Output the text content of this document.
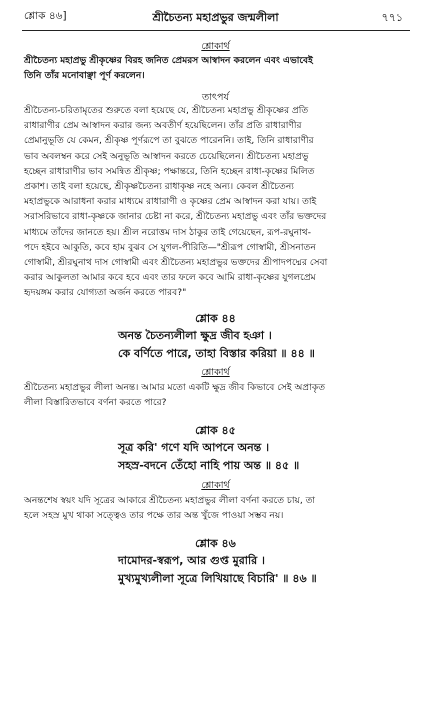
শ্লোক ৪৬]	শ্রীচৈতন্য মহাপ্রভুর জন্মলীলা	৭৭১
শ্লোকার্থ
শ্রীচৈতন্য মহাপ্রভু শ্রীকৃষ্ণের বিরহ জনিত প্রেমরস আস্বাদন করলেন এবং এভাবেই
তিনি তাঁর মনোবাঞ্ছা পূর্ণ করলেন।
তাৎপর্য
শ্রীচৈতন্য-চরিতামৃতের শুরুতে বলা হয়েছে যে, শ্রীচৈতন্য মহাপ্রভু শ্রীকৃষ্ণের প্রতি
রাধারাণীর প্রেম আস্বাদন করার জন্য অবতীর্ণ হয়েছিলেন। তাঁর প্রতি রাধারাণীর
প্রেমানুভূতি যে কেমন, শ্রীকৃষ্ণ পূর্ণরূপে তা বুঝতে পারেননি। তাই, তিনি রাধারাণীর
ভাব অবলম্বন করে সেই অনুভূতি আস্বাদন করতে চেয়েছিলেন। শ্রীচৈতন্য মহাপ্রভু
হচ্ছেন রাধারাণীর ভাব সমন্বিত শ্রীকৃষ্ণ; পক্ষান্তরে, তিনি হচ্ছেন রাধা-কৃষ্ণের মিলিত
প্রকাশ। তাই বলা হয়েছে, শ্রীকৃষ্ণচৈতন্য রাধাকৃষ্ণ নহে অন্য। কেবল শ্রীচৈতন্য
মহাপ্রভুকে আরাধনা করার মাধ্যমে রাধারাণী ও কৃষ্ণের প্রেম আস্বাদন করা যায়। তাই
সরাসরিভাবে রাধা-কৃষ্ণকে জানার চেষ্টা না করে, শ্রীচৈতন্য মহাপ্রভু এবং তাঁর ভক্তদের
মাধ্যমে তাঁদের জানতে হয়। শ্রীল নরোত্তম দাস ঠাকুর তাই গেয়েছেন, রূপ-রঘুনাথ-
পদে হইবে আকুতি, কবে হাম বুঝব সে যুগল-পীরিতি—"শ্রীরূপ গোস্বামী, শ্রীসনাতন
গোস্বামী, শ্রীরঘুনাথ দাস গোস্বামী এবং শ্রীচৈতন্য মহাপ্রভুর ভক্তদের শ্রীপাদপদ্মের সেবা
করার আকুলতা আমার কবে হবে এবং তার ফলে কবে আমি রাধা-কৃষ্ণের যুগলপ্রেম
হৃদয়ঙ্গম করার যোগ্যতা অর্জন করতে পারব?"
শ্লোক ৪৪
অনন্ত চৈতন্যলীলা ক্ষুদ্র জীব হঞা ।
কে বর্ণিতে পারে, তাহা বিস্তার করিয়া ॥ ৪৪ ॥
শ্লোকার্থ
শ্রীচৈতন্য মহাপ্রভুর লীলা অনন্ত। আমার মতো একটি ক্ষুদ্র জীব কিভাবে সেই অপ্রাকৃত
লীলা বিস্তারিতভাবে বর্ণনা করতে পারে?
শ্লোক ৪৫
সূত্র করি' গণে যদি আপনে অনন্ত ।
সহস্র-বদনে তেঁহো নাহি পায় অন্ত ॥ ৪৫ ॥
শ্লোকার্থ
অনন্তশেষ স্বয়ং যদি সূত্রের আকারে শ্রীচৈতন্য মহাপ্রভুর লীলা বর্ণনা করতে চায়, তা
হলে সহস্র মুখ থাকা সত্ত্বেও তার পক্ষে তার অন্ত খুঁজে পাওয়া সম্ভব নয়।
শ্লোক ৪৬
দামোদর-স্বরূপ, আর গুপ্ত মুরারি ।
মুখ্যমুখ্যলীলা সূত্রে লিখিয়াছে বিচারি' ॥ ৪৬ ॥
